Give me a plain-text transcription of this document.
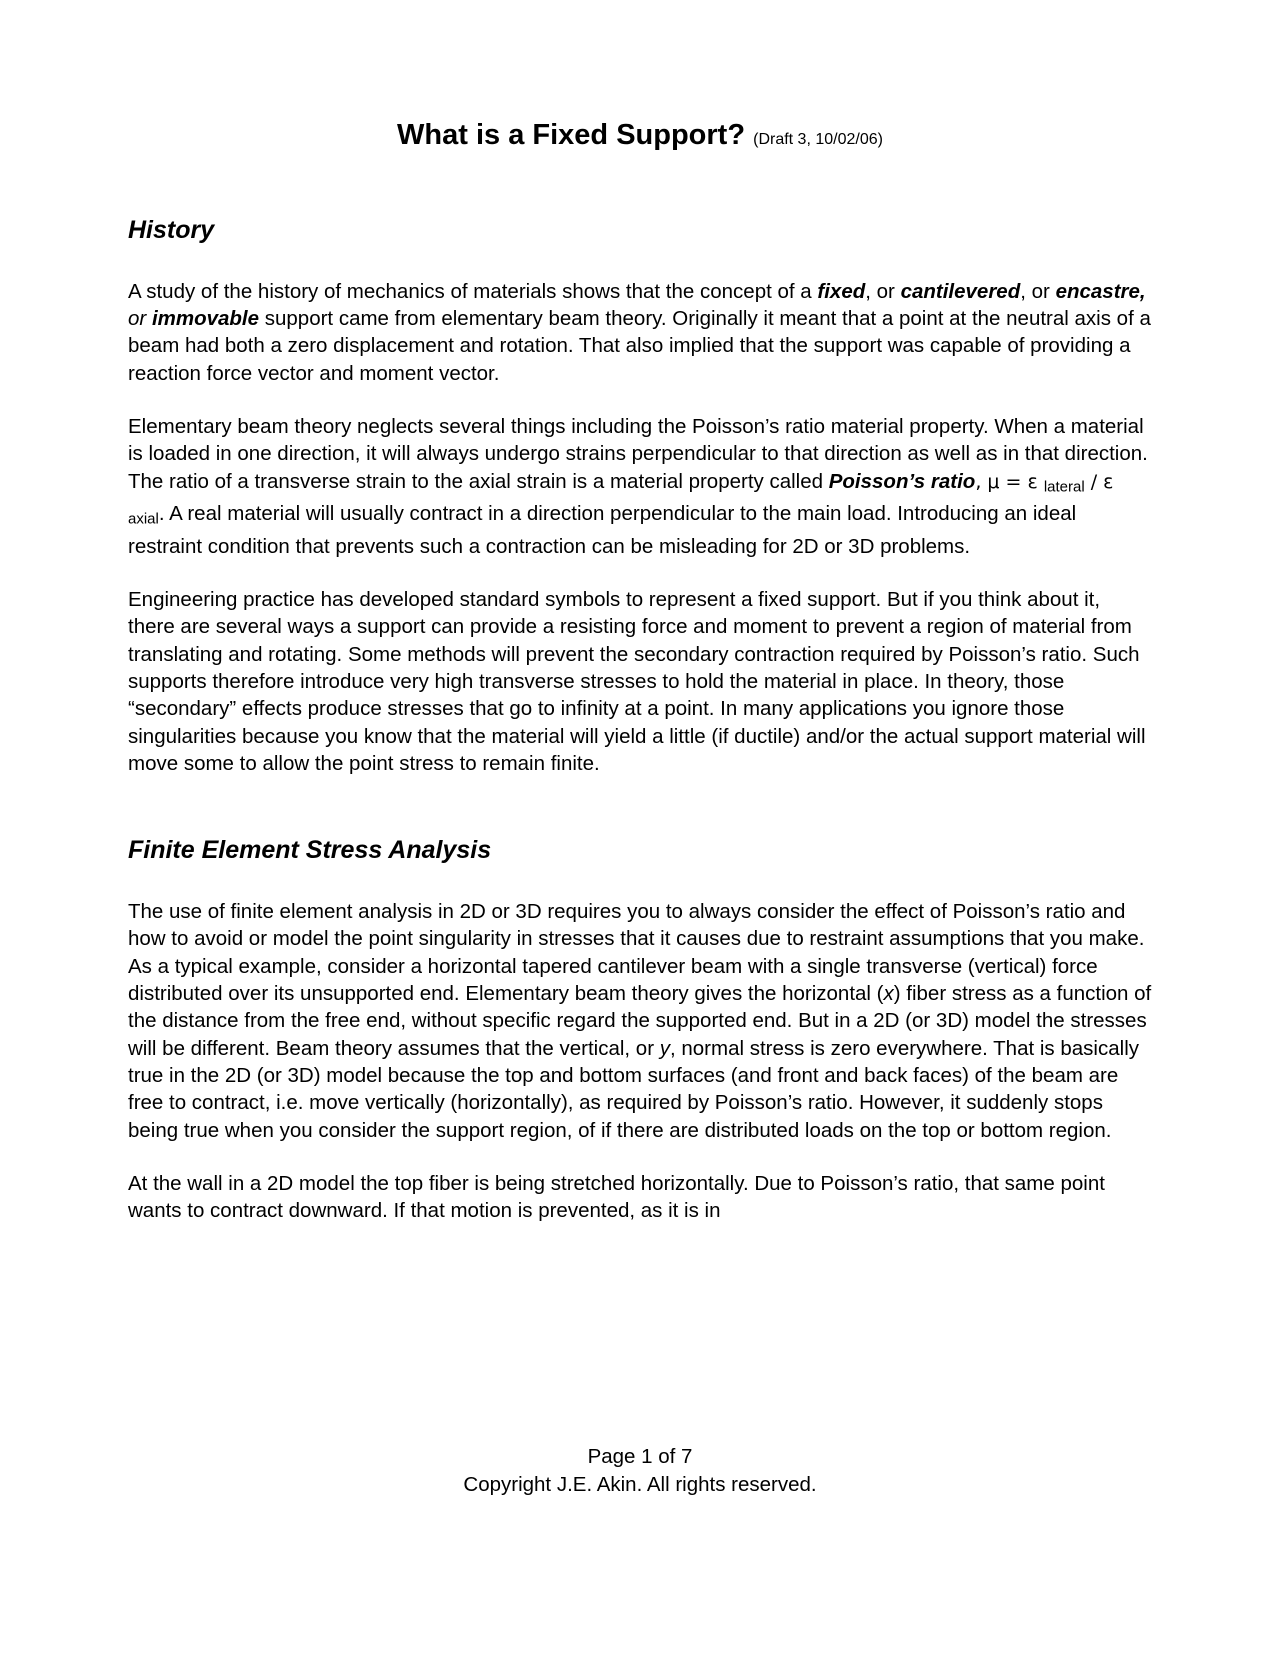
What is a Fixed Support? (Draft 3, 10/02/06)
History

A study of the history of mechanics of materials shows that the concept of a fixed, or cantilevered, or encastre, or immovable support came from elementary beam theory. Originally it meant that a point at the neutral axis of a beam had both a zero displacement and rotation. That also implied that the support was capable of providing a reaction force vector and moment vector.

Elementary beam theory neglects several things including the Poisson’s ratio material property. When a material is loaded in one direction, it will always undergo strains perpendicular to that direction as well as in that direction. The ratio of a transverse strain to the axial strain is a material property called Poisson’s ratio, μ = ε $_{lateral}$ / ε $_{axial}$. A real material will usually contract in a direction perpendicular to the main load. Introducing an ideal restraint condition that prevents such a contraction can be misleading for 2D or 3D problems.

Engineering practice has developed standard symbols to represent a fixed support. But if you think about it, there are several ways a support can provide a resisting force and moment to prevent a region of material from translating and rotating. Some methods will prevent the secondary contraction required by Poisson’s ratio. Such supports therefore introduce very high transverse stresses to hold the material in place. In theory, those “secondary” effects produce stresses that go to infinity at a point. In many applications you ignore those singularities because you know that the material will yield a little (if ductile) and/or the actual support material will move some to allow the point stress to remain finite.

Finite Element Stress Analysis

The use of finite element analysis in 2D or 3D requires you to always consider the effect of Poisson’s ratio and how to avoid or model the point singularity in stresses that it causes due to restraint assumptions that you make. As a typical example, consider a horizontal tapered cantilever beam with a single transverse (vertical) force distributed over its unsupported end. Elementary beam theory gives the horizontal (x) fiber stress as a function of the distance from the free end, without specific regard the supported end. But in a 2D (or 3D) model the stresses will be different. Beam theory assumes that the vertical, or y, normal stress is zero everywhere. That is basically true in the 2D (or 3D) model because the top and bottom surfaces (and front and back faces) of the beam are free to contract, i.e. move vertically (horizontally), as required by Poisson’s ratio. However, it suddenly stops being true when you consider the support region, of if there are distributed loads on the top or bottom region.

At the wall in a 2D model the top fiber is being stretched horizontally. Due to Poisson’s ratio, that same point wants to contract downward. If that motion is prevented, as it is in

Page 1 of 7
Copyright J.E. Akin. All rights reserved.
